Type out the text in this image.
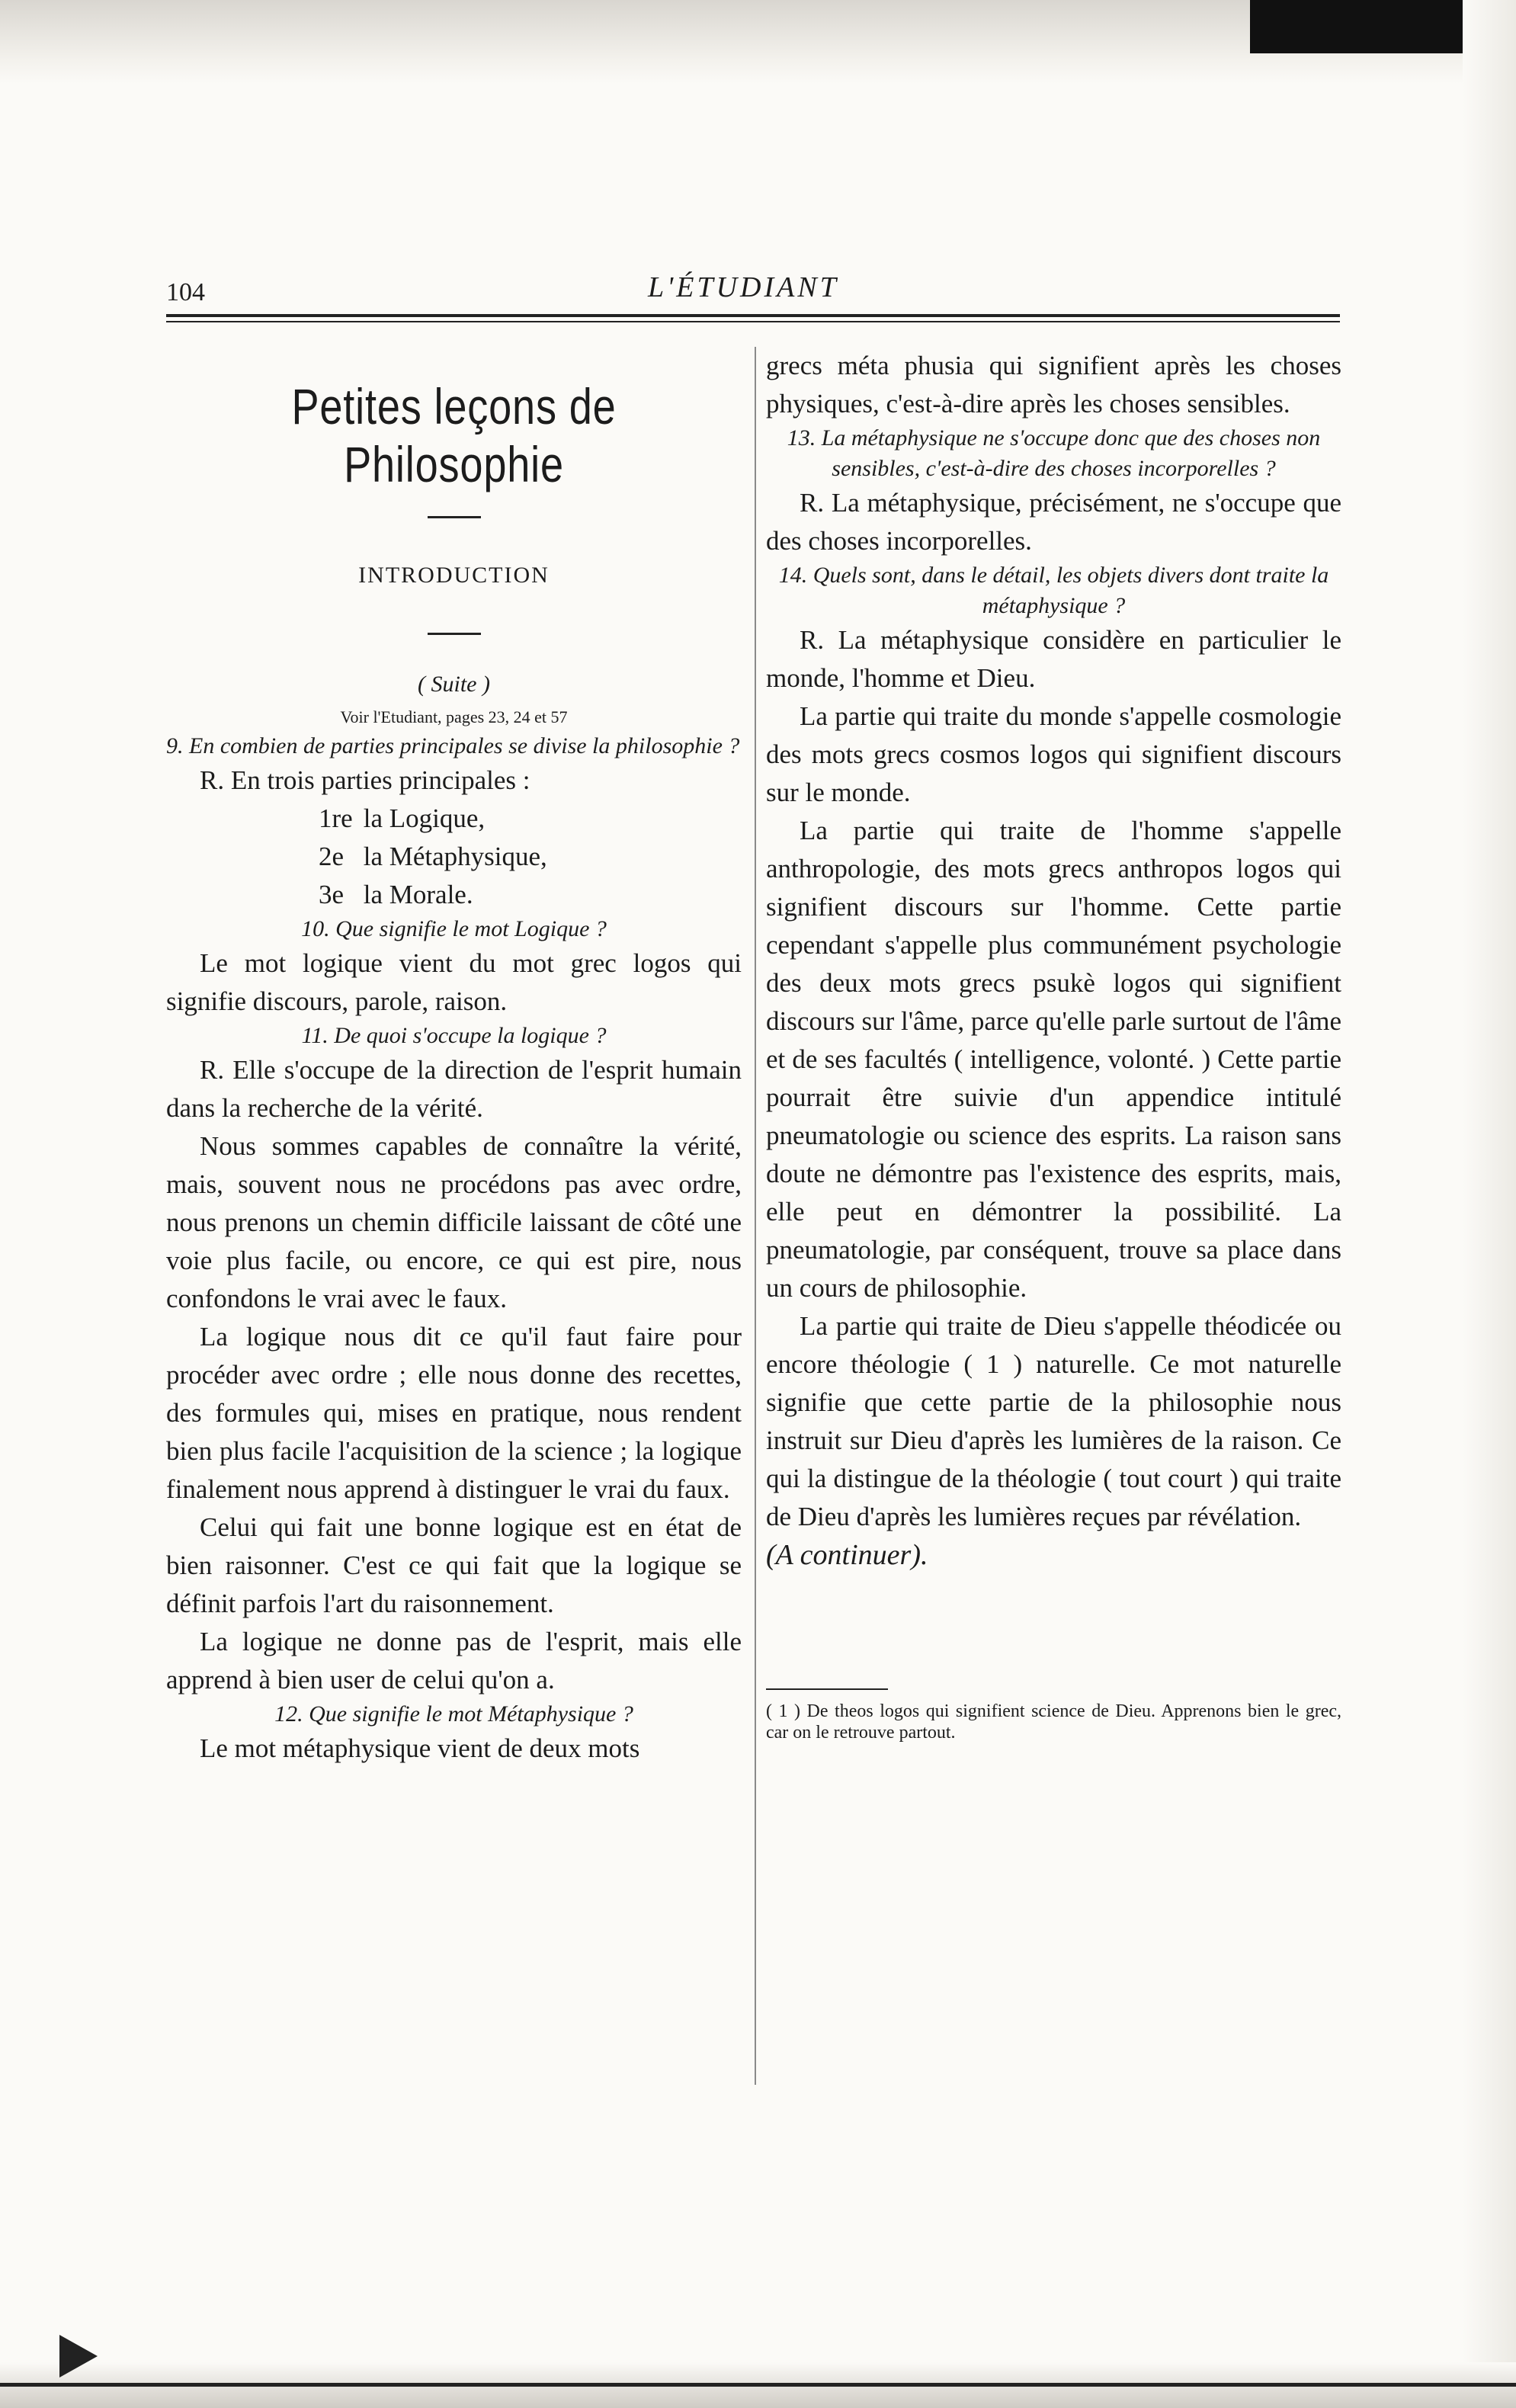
104	L'ÉTUDIANT
Petites leçons de Philosophie
INTRODUCTION
( Suite )
Voir l'Etudiant, pages 23, 24 et 57

9. En combien de parties principales se divise la philosophie ?

R. En trois parties principales :

1re la Logique,
2e la Métaphysique,
3e la Morale.

10. Que signifie le mot Logique ?

Le mot logique vient du mot grec logos qui signifie discours, parole, raison.

11. De quoi s'occupe la logique ?

R. Elle s'occupe de la direction de l'esprit humain dans la recherche de la vérité.

Nous sommes capables de connaître la vérité, mais, souvent nous ne procédons pas avec ordre, nous prenons un chemin difficile laissant de côté une voie plus facile, ou encore, ce qui est pire, nous confondons le vrai avec le faux.

La logique nous dit ce qu'il faut faire pour procéder avec ordre ; elle nous donne des recettes, des formules qui, mises en pratique, nous rendent bien plus facile l'acquisition de la science ; la logique finalement nous apprend à distinguer le vrai du faux.

Celui qui fait une bonne logique est en état de bien raisonner. C'est ce qui fait que la logique se définit parfois l'art du raisonnement.

La logique ne donne pas de l'esprit, mais elle apprend à bien user de celui qu'on a.

12. Que signifie le mot Métaphysique ?

Le mot métaphysique vient de deux mots

grecs méta phusia qui signifient après les choses physiques, c'est-à-dire après les choses sensibles.

13. La métaphysique ne s'occupe donc que des choses non sensibles, c'est-à-dire des choses incorporelles ?

R. La métaphysique, précisément, ne s'occupe que des choses incorporelles.

14. Quels sont, dans le détail, les objets divers dont traite la métaphysique ?

R. La métaphysique considère en particulier le monde, l'homme et Dieu.

La partie qui traite du monde s'appelle cosmologie des mots grecs cosmos logos qui signifient discours sur le monde.

La partie qui traite de l'homme s'appelle anthropologie, des mots grecs anthropos logos qui signifient discours sur l'homme. Cette partie cependant s'appelle plus communément psychologie des deux mots grecs psukè logos qui signifient discours sur l'âme, parce qu'elle parle surtout de l'âme et de ses facultés ( intelligence, volonté. ) Cette partie pourrait être suivie d'un appendice intitulé pneumatologie ou science des esprits. La raison sans doute ne démontre pas l'existence des esprits, mais, elle peut en démontrer la possibilité. La pneumatologie, par conséquent, trouve sa place dans un cours de philosophie.

La partie qui traite de Dieu s'appelle théodicée ou encore théologie ( 1 ) naturelle. Ce mot naturelle signifie que cette partie de la philosophie nous instruit sur Dieu d'après les lumières de la raison. Ce qui la distingue de la théologie ( tout court ) qui traite de Dieu d'après les lumières reçues par révélation.

(A continuer).

( 1 ) De theos logos qui signifient science de Dieu. Apprenons bien le grec, car on le retrouve partout.
